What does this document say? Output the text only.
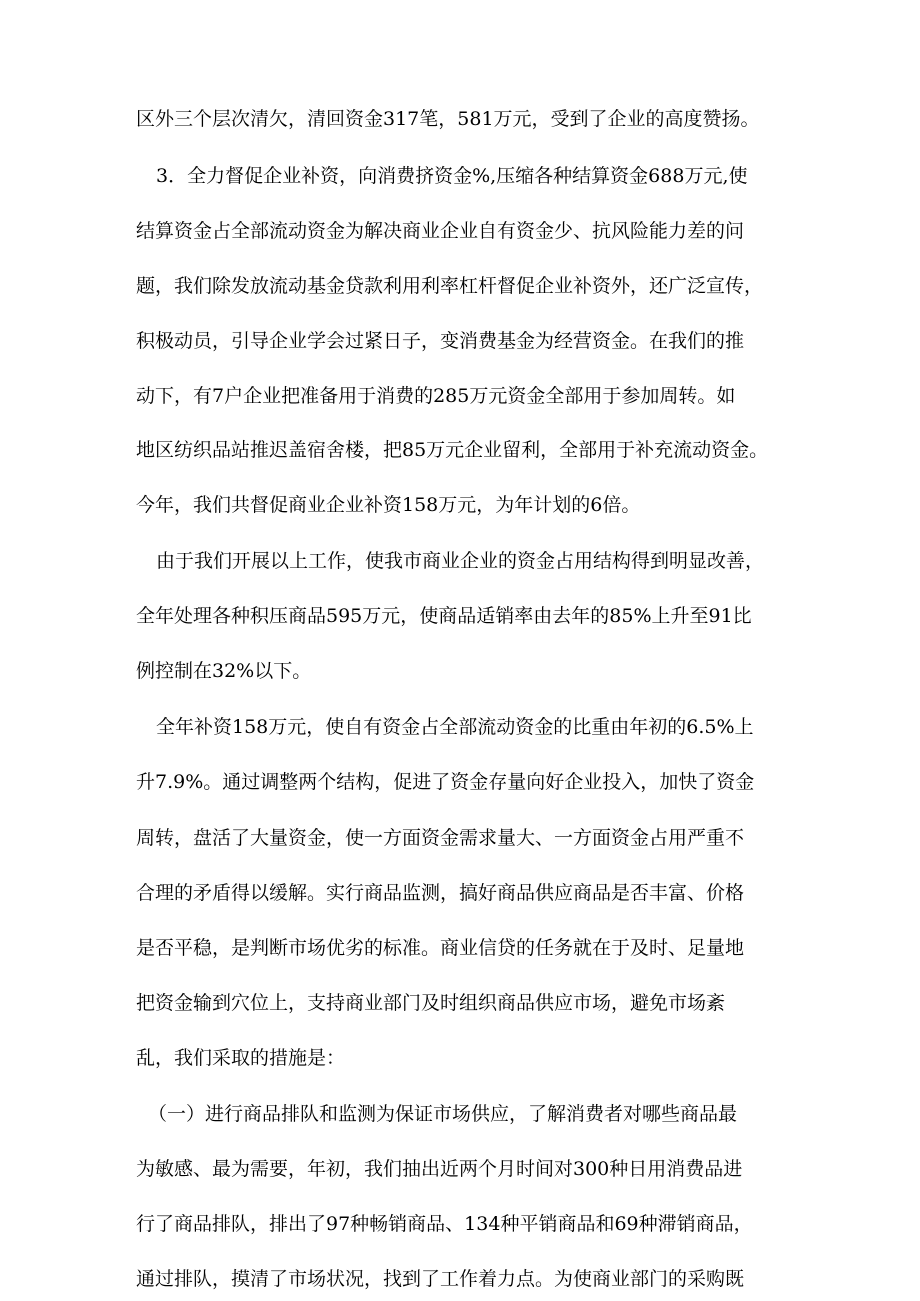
区外三个层次清欠，清回资金317笔，581万元，受到了企业的高度赞扬。
3．全力督促企业补资，向消费挤资金%,压缩各种结算资金688万元,使
结算资金占全部流动资金为解决商业企业自有资金少、抗风险能力差的问
题，我们除发放流动基金贷款利用利率杠杆督促企业补资外，还广泛宣传，
积极动员，引导企业学会过紧日子，变消费基金为经营资金。在我们的推
动下，有7户企业把准备用于消费的285万元资金全部用于参加周转。如
地区纺织品站推迟盖宿舍楼，把85万元企业留利，全部用于补充流动资金。
今年，我们共督促商业企业补资158万元，为年计划的6倍。
由于我们开展以上工作，使我市商业企业的资金占用结构得到明显改善，
全年处理各种积压商品595万元，使商品适销率由去年的85%上升至91比
例控制在32%以下。
全年补资158万元，使自有资金占全部流动资金的比重由年初的6.5%上
升7.9%。通过调整两个结构，促进了资金存量向好企业投入，加快了资金
周转，盘活了大量资金，使一方面资金需求量大、一方面资金占用严重不
合理的矛盾得以缓解。实行商品监测，搞好商品供应商品是否丰富、价格
是否平稳，是判断市场优劣的标准。商业信贷的任务就在于及时、足量地
把资金输到穴位上，支持商业部门及时组织商品供应市场，避免市场紊
乱，我们采取的措施是：
（一）进行商品排队和监测为保证市场供应，了解消费者对哪些商品最
为敏感、最为需要，年初，我们抽出近两个月时间对300种日用消费品进
行了商品排队，排出了97种畅销商品、134种平销商品和69种滞销商品，
通过排队，摸清了市场状况，找到了工作着力点。为使商业部门的采购既
